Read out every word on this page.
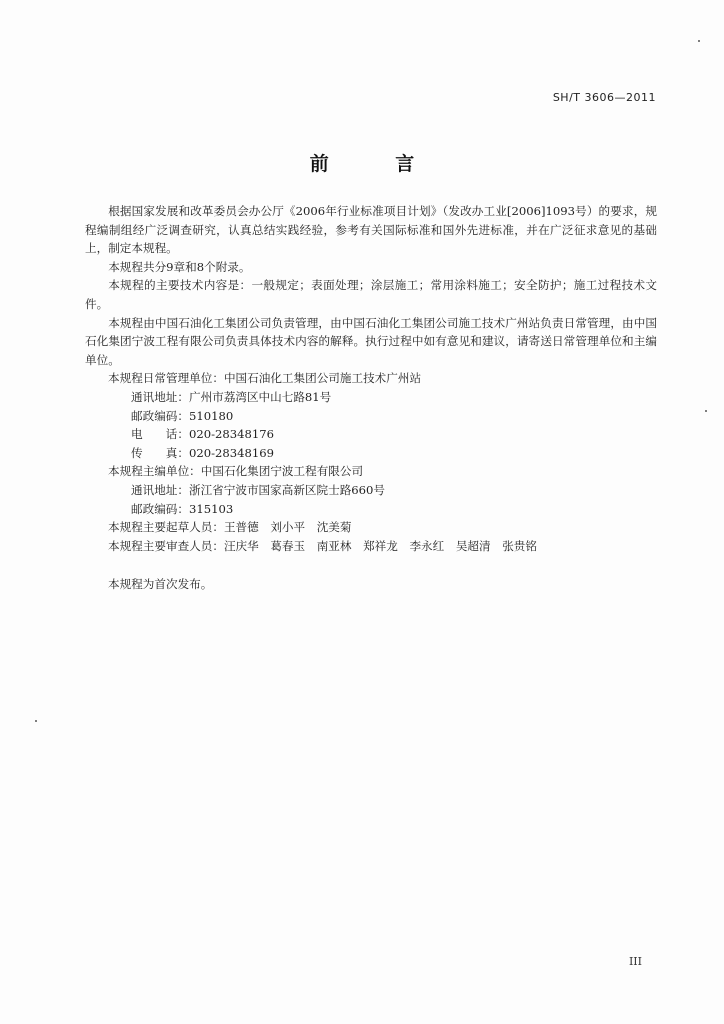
SH/T 3606—2011
前 言

根据国家发展和改革委员会办公厅《2006年行业标准项目计划》（发改办工业[2006]1093号）的要求，规程编制组经广泛调查研究，认真总结实践经验，参考有关国际标准和国外先进标准，并在广泛征求意见的基础上，制定本规程。

本规程共分9章和8个附录。

本规程的主要技术内容是：一般规定；表面处理；涂层施工；常用涂料施工；安全防护；施工过程技术文件。

本规程由中国石油化工集团公司负责管理，由中国石油化工集团公司施工技术广州站负责日常管理，由中国石化集团宁波工程有限公司负责具体技术内容的解释。执行过程中如有意见和建议，请寄送日常管理单位和主编单位。

本规程日常管理单位：中国石油化工集团公司施工技术广州站

通讯地址：广州市荔湾区中山七路81号

邮政编码：510180

电　　话：020-28348176

传　　真：020-28348169

本规程主编单位：中国石化集团宁波工程有限公司

通讯地址：浙江省宁波市国家高新区院士路660号

邮政编码：315103

本规程主要起草人员：王普德　刘小平　沈美菊

本规程主要审查人员：汪庆华　葛春玉　南亚林　郑祥龙　李永红　吴超清　张贵铭

本规程为首次发布。

III
